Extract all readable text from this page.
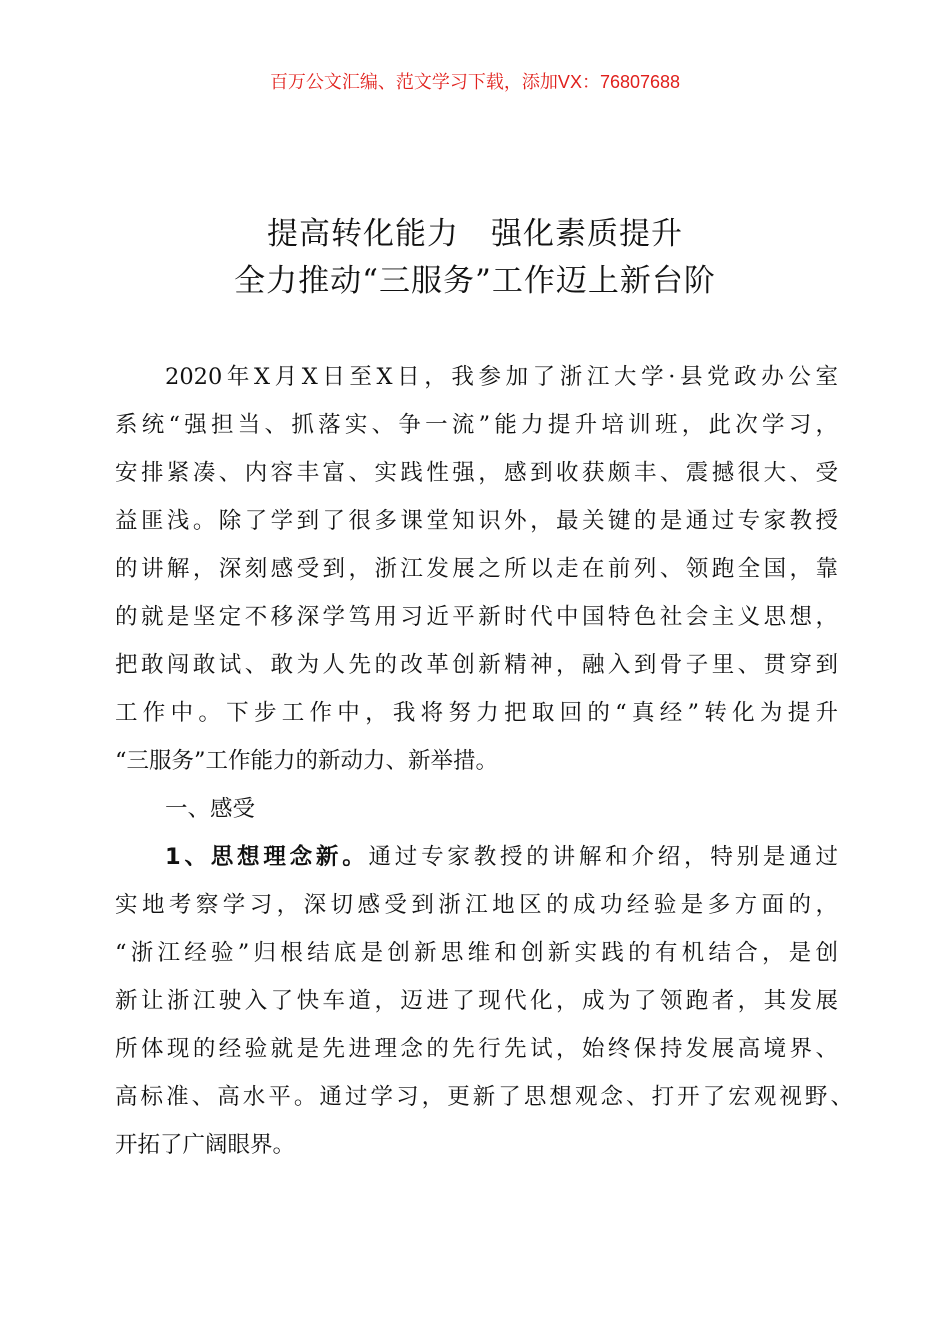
百万公文汇编、范文学习下载，添加VX：76807688
提高转化能力　强化素质提升
全力推动“三服务”工作迈上新台阶
2020年X月X日至X日，我参加了浙江大学·县党政办公室
系统“强担当、抓落实、争一流”能力提升培训班，此次学习，
安排紧凑、内容丰富、实践性强，感到收获颇丰、震撼很大、受
益匪浅。除了学到了很多课堂知识外，最关键的是通过专家教授
的讲解，深刻感受到，浙江发展之所以走在前列、领跑全国，靠
的就是坚定不移深学笃用习近平新时代中国特色社会主义思想，
把敢闯敢试、敢为人先的改革创新精神，融入到骨子里、贯穿到
工作中。下步工作中，我将努力把取回的“真经”转化为提升
“三服务”工作能力的新动力、新举措。
一、感受
1、思想理念新。通过专家教授的讲解和介绍，特别是通过
实地考察学习，深切感受到浙江地区的成功经验是多方面的，
“浙江经验”归根结底是创新思维和创新实践的有机结合，是创
新让浙江驶入了快车道，迈进了现代化，成为了领跑者，其发展
所体现的经验就是先进理念的先行先试，始终保持发展高境界、
高标准、高水平。通过学习，更新了思想观念、打开了宏观视野、
开拓了广阔眼界。
